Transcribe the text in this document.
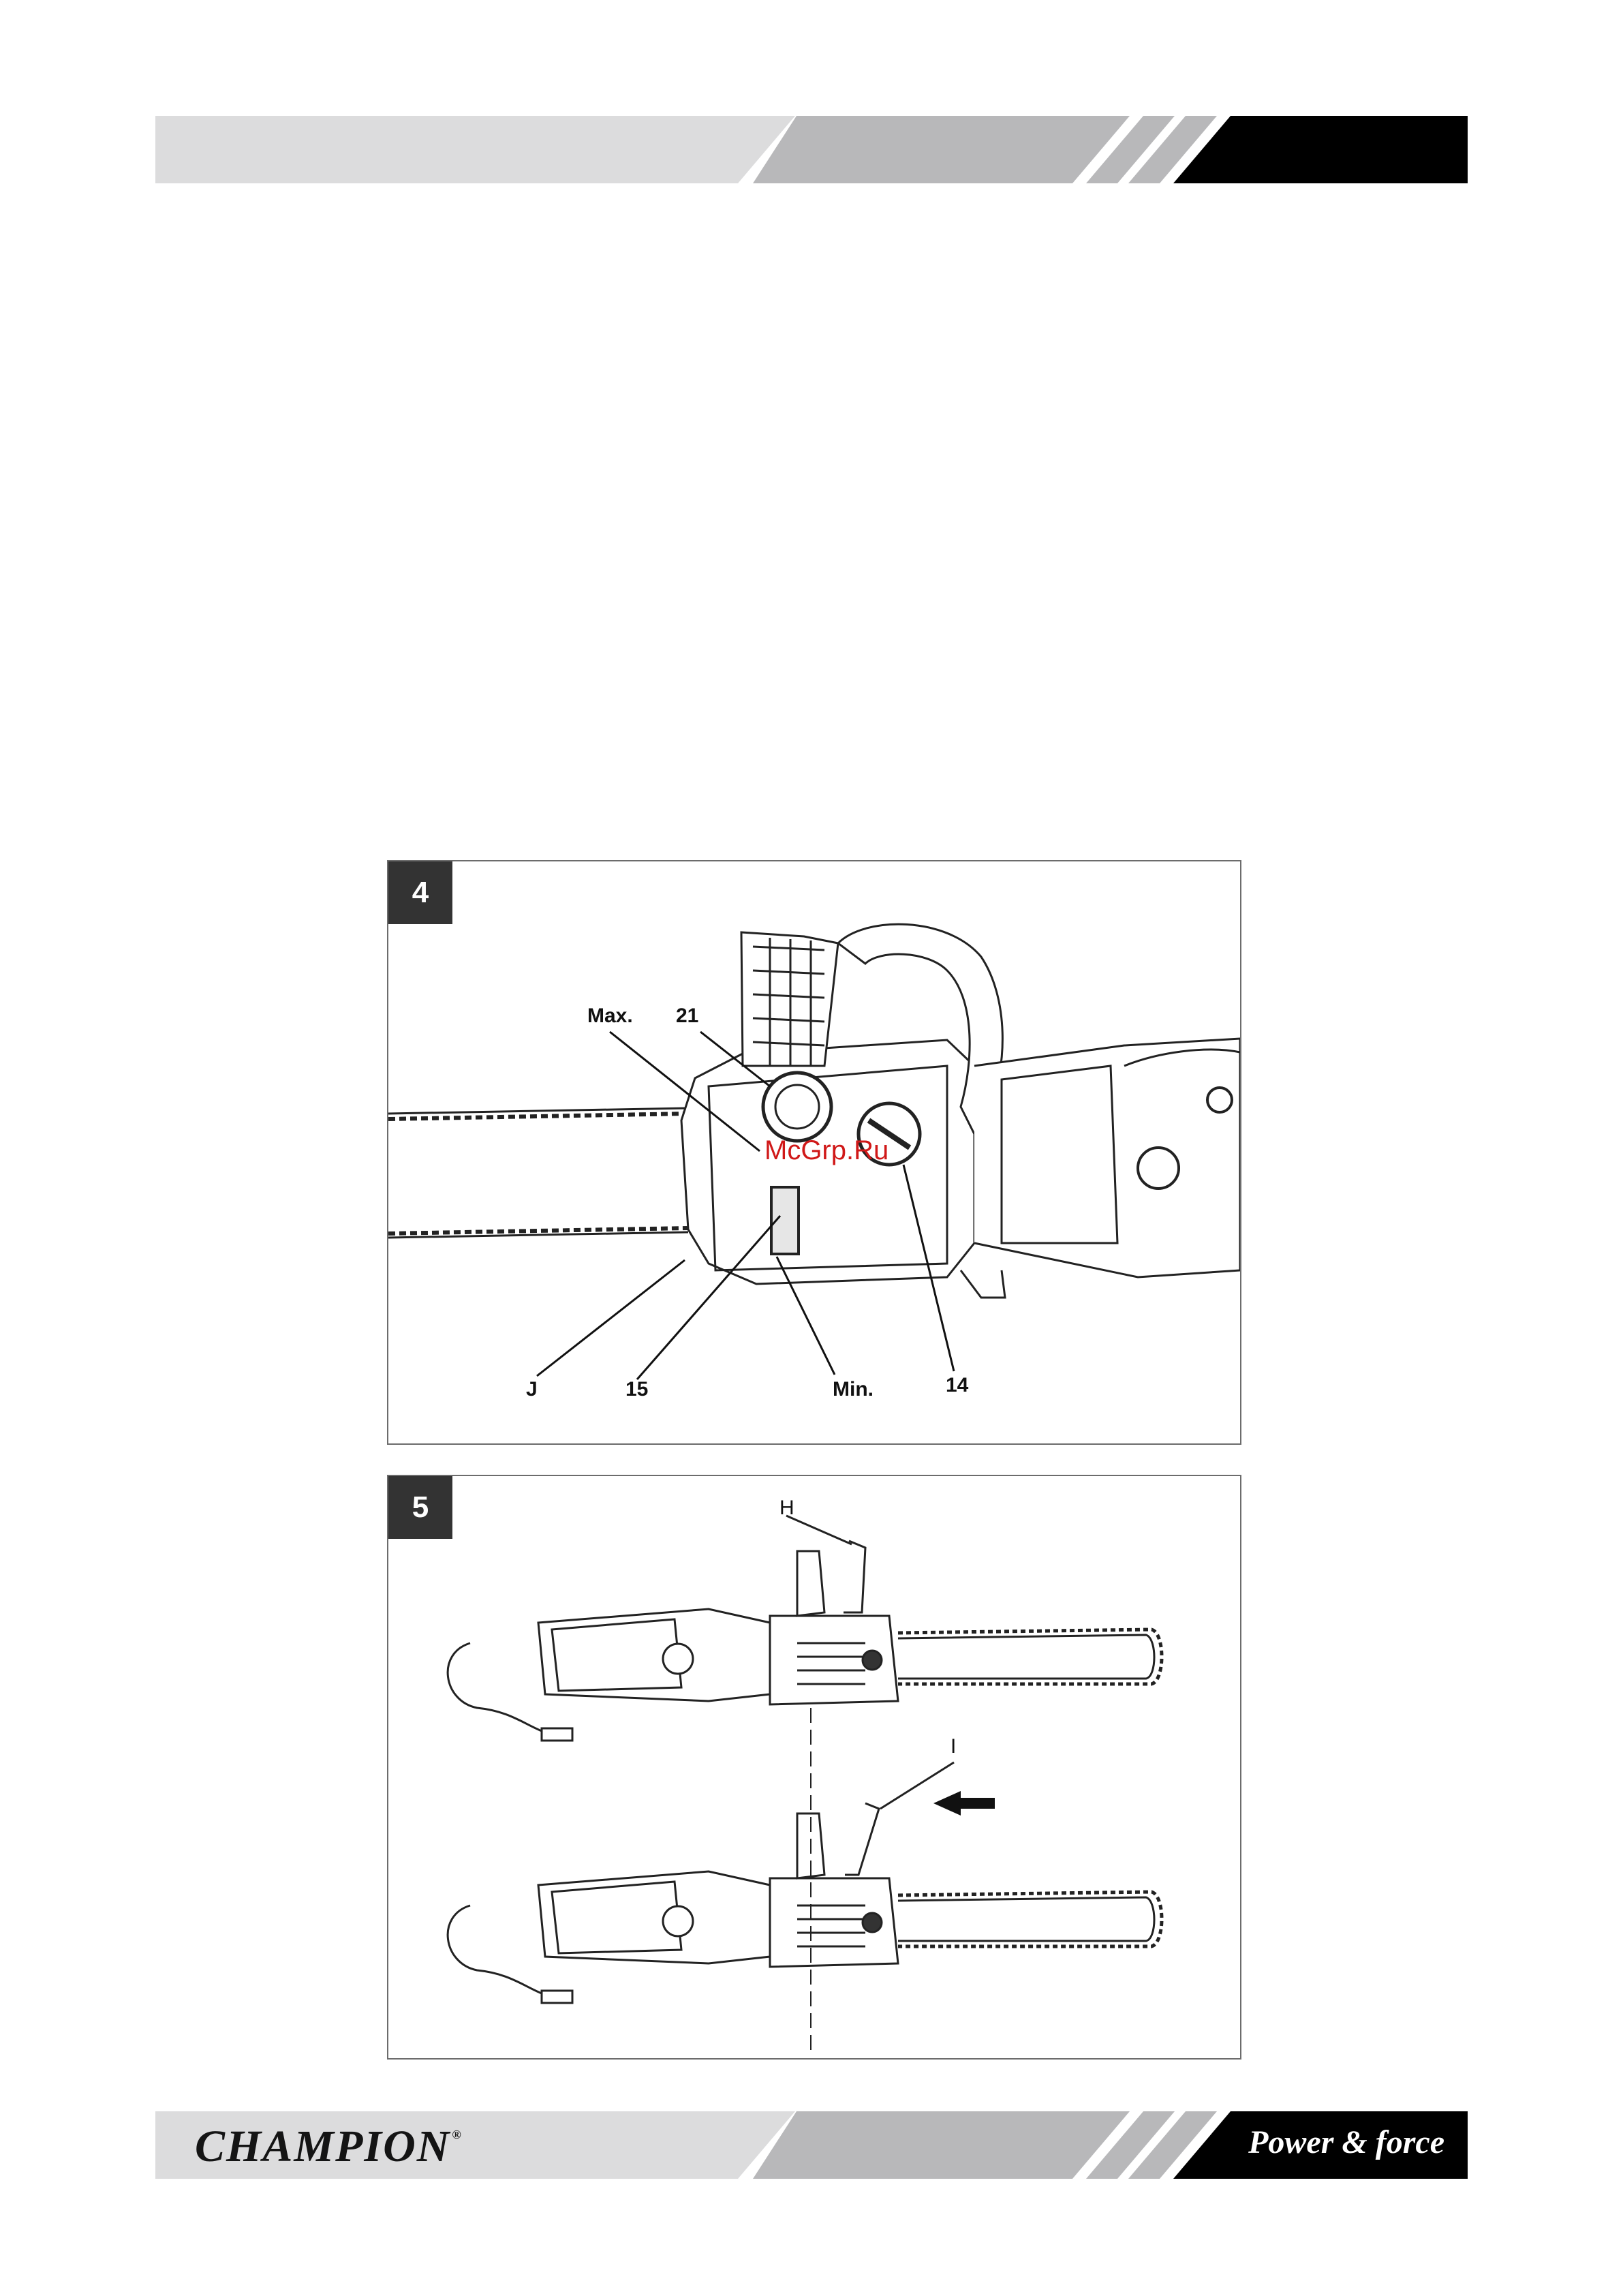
4
Max. 21
J	15	Min.	14
McGrp.Ru
5	H
I
CHAMPION ®	Power & force
